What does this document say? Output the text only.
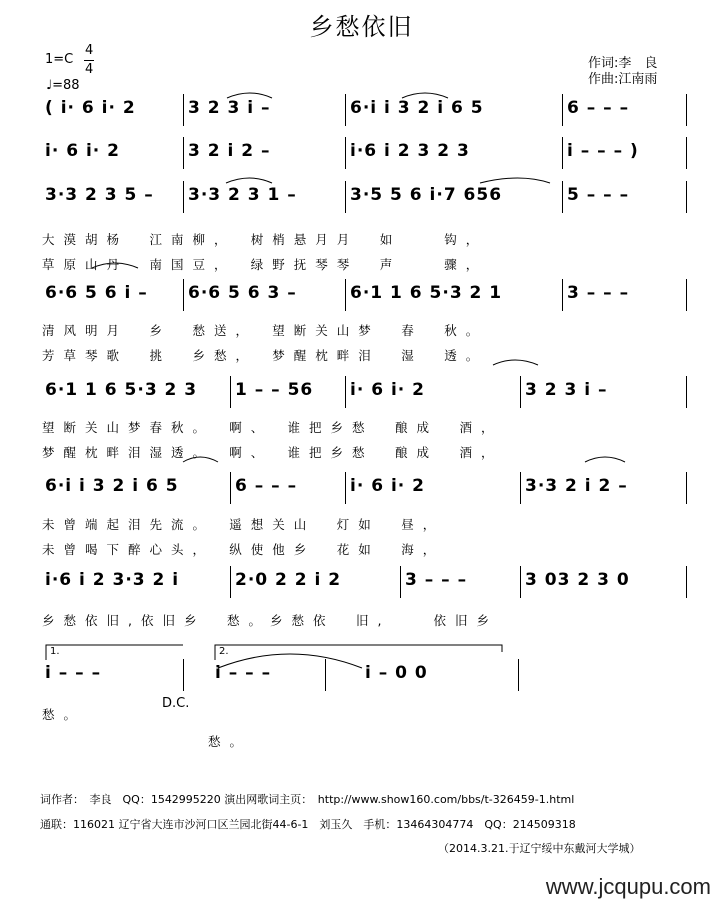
乡愁依旧
1=C
4
4
♩=88
作词:李　良
作曲:江南雨
( i· 6 i· 2	3 2 3 i –	6·i i 3 2 i 6 5	6 – – –
i· 6 i· 2	3 2 i 2 –	i·6 i 2 3 2 3	i – – – )
3·3 2 3 5 – 3·3 2 3 1 –	3·5 5 6 i·7 656	5 – – –
大漠胡杨　江南柳，　树梢悬月月　如　　钩，
草原山丹　南国豆，　绿野抚琴琴　声　　骤，
6·6 5 6 i – 6·6 5 6 3 –	6·1 1 6 5·3 2 1	3 – – –
清风明月　乡　愁送，　望断关山梦　春　秋。
芳草琴歌　挑　乡愁，　梦醒枕畔泪　湿　透。
6·1 1 6 5·3 2 3 1 – – 56 i· 6 i· 2	3 2 3 i –
望断关山梦春秋。　啊、　谁把乡愁　酿成　酒，
梦醒枕畔泪湿透。　啊、　谁把乡愁　酿成　酒，
6·i i 3 2 i 6 5	6 – – –	i· 6 i· 2	3·3 2 i 2 –
未曾端起泪先流。　遥想关山　灯如　昼，
未曾喝下醉心头，　纵使他乡　花如　海，
i·6 i 2 3·3 2 i	2·0 2 2 i 2	3 – – –	3 03 2 3 0
乡愁依旧,依旧乡　愁。乡愁依　旧,　　依旧乡
i – – –	i – – –	i – 0 0
愁。
愁。
1.	2.
D.C.
词作者：　李良　QQ：1542995220 演出网歌词主页：　http://www.show160.com/bbs/t-326459-1.html
通联：116021 辽宁省大连市沙河口区兰园北街44-6-1　刘玉久　手机：13464304774　QQ：214509318
（2014.3.21.于辽宁绥中东戴河大学城）
www.jcqupu.com
